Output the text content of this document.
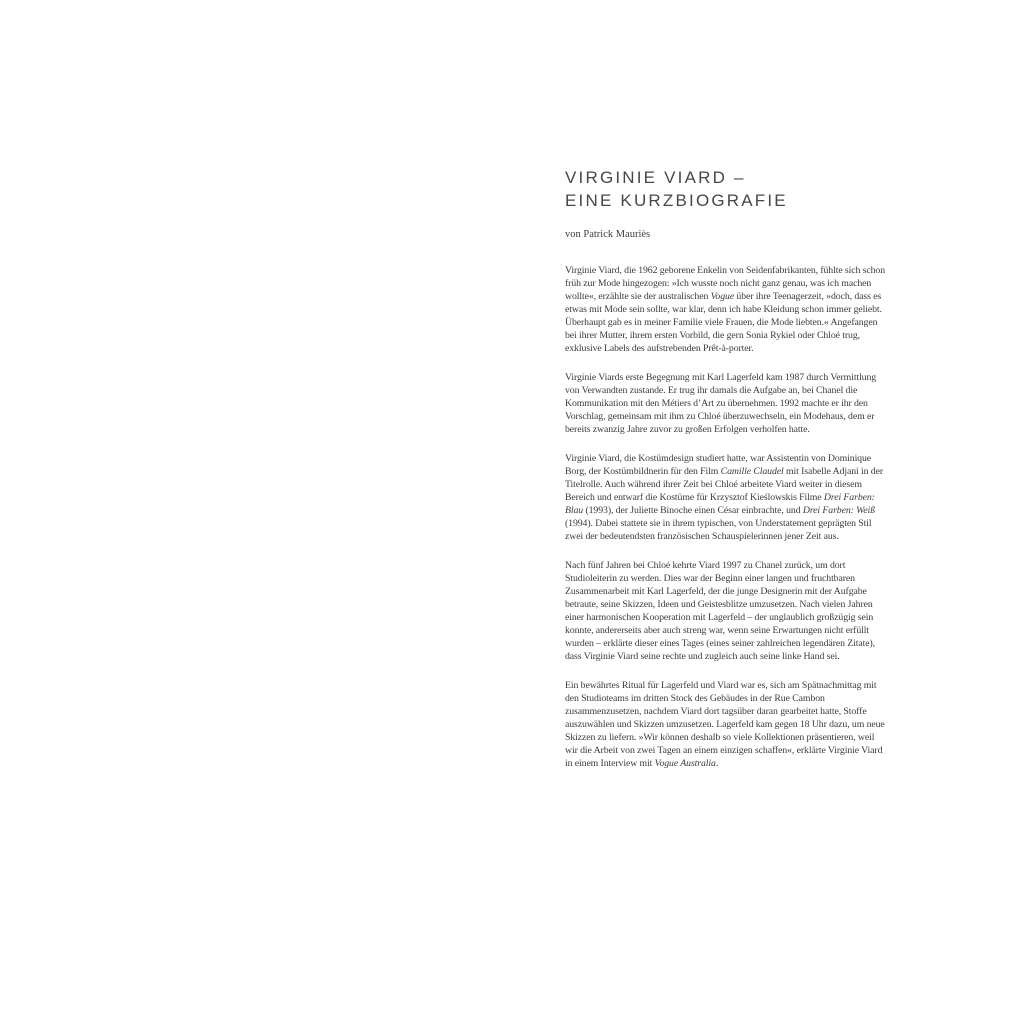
VIRGINIE VIARD –
EINE KURZBIOGRAFIE
von Patrick Mauriès

Virginie Viard, die 1962 geborene Enkelin von Seidenfabrikanten, fühlte sich schon früh zur Mode hingezogen: »Ich wusste noch nicht ganz genau, was ich machen wollte«, erzählte sie der australischen Vogue über ihre Teenagerzeit, »doch, dass es etwas mit Mode sein sollte, war klar, denn ich habe Kleidung schon immer geliebt. Überhaupt gab es in meiner Familie viele Frauen, die Mode liebten.« Angefangen bei ihrer Mutter, ihrem ersten Vorbild, die gern Sonia Rykiel oder Chloé trug, exklusive Labels des aufstrebenden Prêt-à-porter.

Virginie Viards erste Begegnung mit Karl Lagerfeld kam 1987 durch Vermittlung von Verwandten zustande. Er trug ihr damals die Aufgabe an, bei Chanel die Kommunikation mit den Métiers d’Art zu übernehmen. 1992 machte er ihr den Vorschlag, gemeinsam mit ihm zu Chloé überzuwechseln, ein Modehaus, dem er bereits zwanzig Jahre zuvor zu großen Erfolgen verholfen hatte.

Virginie Viard, die Kostümdesign studiert hatte, war Assistentin von Dominique Borg, der Kostümbildnerin für den Film Camille Claudel mit Isabelle Adjani in der Titelrolle. Auch während ihrer Zeit bei Chloé arbeitete Viard weiter in diesem Bereich und entwarf die Kostüme für Krzysztof Kieślowskis Filme Drei Farben: Blau (1993), der Juliette Binoche einen César einbrachte, und Drei Farben: Weiß (1994). Dabei stattete sie in ihrem typischen, von Understatement geprägten Stil zwei der bedeutendsten französischen Schauspielerinnen jener Zeit aus.

Nach fünf Jahren bei Chloé kehrte Viard 1997 zu Chanel zurück, um dort Studioleiterin zu werden. Dies war der Beginn einer langen und fruchtbaren Zusammenarbeit mit Karl Lagerfeld, der die junge Designerin mit der Aufgabe betraute, seine Skizzen, Ideen und Geistesblitze umzusetzen. Nach vielen Jahren einer harmonischen Kooperation mit Lagerfeld – der unglaublich großzügig sein konnte, andererseits aber auch streng war, wenn seine Erwartungen nicht erfüllt wurden – erklärte dieser eines Tages (eines seiner zahlreichen legendären Zitate), dass Virginie Viard seine rechte und zugleich auch seine linke Hand sei.

Ein bewährtes Ritual für Lagerfeld und Viard war es, sich am Spätnachmittag mit den Studioteams im dritten Stock des Gebäudes in der Rue Cambon zusammenzusetzen, nachdem Viard dort tagsüber daran gearbeitet hatte, Stoffe auszuwählen und Skizzen umzusetzen. Lagerfeld kam gegen 18 Uhr dazu, um neue Skizzen zu liefern. »Wir können deshalb so viele Kollektionen präsentieren, weil wir die Arbeit von zwei Tagen an einem einzigen schaffen«, erklärte Virginie Viard in einem Interview mit Vogue Australia.
